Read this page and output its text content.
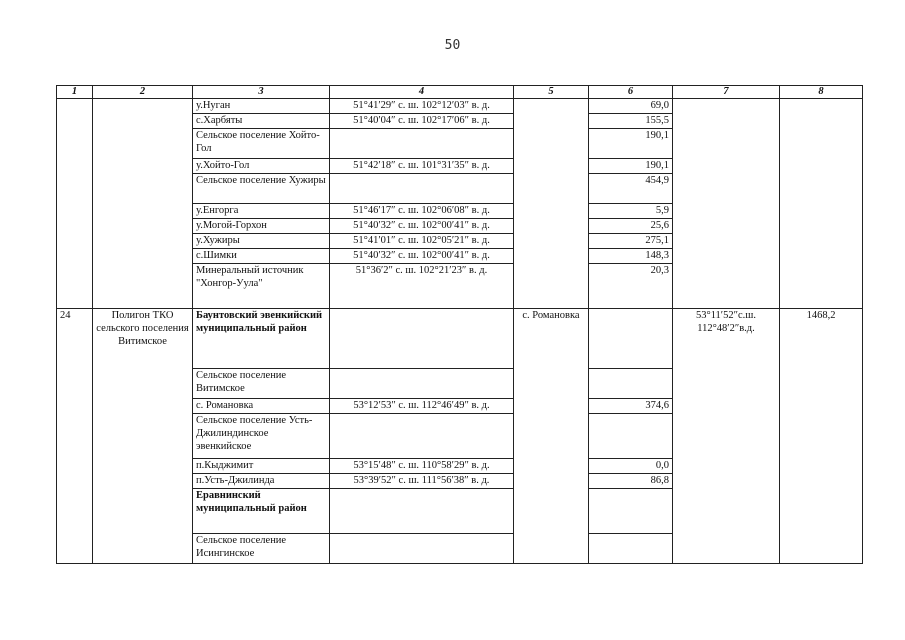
50
1	2	3	4	5	6	7	8
		у.Нуган	51°41′29″ с. ш. 102°12′03″ в. д.		69,0		
		с.Харбяты	51°40′04″ с. ш. 102°17′06″ в. д.		155,5		
		Сельское поселение Хойто-Гол			190,1		
		у.Хойто-Гол	51°42′18″ с. ш. 101°31′35″ в. д.		190,1		
		Сельское поселение Хужиры			454,9		
		у.Енгорга	51°46′17″ с. ш. 102°06′08″ в. д.		5,9		
		у.Могой-Горхон	51°40′32″ с. ш. 102°00′41″ в. д.		25,6		
		у.Хужиры	51°41′01″ с. ш. 102°05′21″ в. д.		275,1		
		с.Шимки	51°40′32″ с. ш. 102°00′41″ в. д.		148,3		
		Минеральный источник "Хонгор-Уула"	51°36′2″ с. ш. 102°21′23″ в. д.		20,3		
24	Полигон ТКО сельского поселения Витимское	Баунтовский эвенкийский муниципальный район		с. Романовка		53°11′52″с.ш. 112°48′2″в.д.	1468,2
		Сельское поселение Витимское					
		с. Романовка	53°12′53″ с. ш. 112°46′49″ в. д.		374,6		
		Сельское поселение Усть-Джилиндинское эвенкийское					
		п.Кыджимит	53°15′48″ с. ш. 110°58′29″ в. д.		0,0		
		п.Усть-Джилинда	53°39′52″ с. ш. 111°56′38″ в. д.		86,8		
		Еравнинский муниципальный район					
		Сельское поселение Исингинское					
